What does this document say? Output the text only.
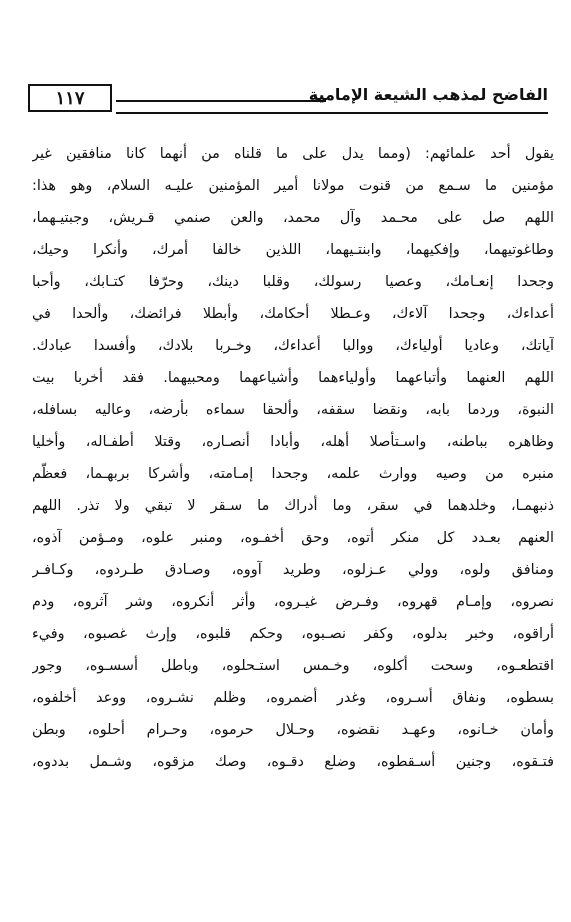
١١٧	الفاضح لمذهب الشيعة الإمامية
يقول أحد علمائهم: (ومما يدل على ما قلناه من أنهما كانا منافقين غير
مؤمنين ما سـمع من قنوت مولانا أمير المؤمنين عليـه السلام، وهو هذا:
اللهم صل على محـمد وآل محمد، والعن صنمي قـريش، وجبتيـهما،
وطاغوتيهما، وإفكيهما، وابنتـيهما، اللذين خالفا أمرك، وأنكرا وحيك،
وجحدا إنعـامك، وعصيا رسولك، وقلبا دينك، وحرّفا كتـابك، وأحبا
أعداءك، وجحدا آلاءك، وعـطلا أحكامك، وأبطلا فرائضك، وألحدا في
آياتك، وعاديا أولياءك، ووالبا أعداءك، وخـربا بلادك، وأفسدا عبادك.
اللهم العنهما وأتباعهما وأولياءهما وأشياعهما ومحبيهما. فقد أخربا بيت
النبوة، وردما بابه، ونقضا سقفه، وألحقا سماءه بأرضه، وعاليه بسافله،
وظاهره بباطنه، واسـتأصلا أهله، وأبادا أنصـاره، وقتلا أطفـاله، وأخليا
منبره من وصيه ووارث علمه، وجحدا إمـامته، وأشركا بربهـما، فعظّم
ذنبهمـا، وخلدهما في سقر، وما أدراك ما سـقر لا تبقي ولا تذر. اللهم
العنهم بعـدد كل منكر أتوه، وحق أخفـوه، ومنبر علوه، ومـؤمن آذوه،
ومنافق ولوه، وولي عـزلوه، وطريد آووه، وصـادق طـردوه، وكـافـر
نصروه، وإمـام قهروه، وفـرض غيـروه، وأثر أنكروه، وشر آثروه، ودم
أراقوه، وخبر بدلوه، وكفر نصـبوه، وحكم قلبوه، وإرث غصبوه، وفيء
اقتطعـوه، وسحت أكلوه، وخـمس استـحلوه، وباطل أسسـوه، وجور
بسطوه، ونفاق أسـروه، وغدر أضمروه، وظلم نشـروه، ووعد أخلفوه،
وأمان خـانوه، وعهـد نقضوه، وحـلال حرموه، وحـرام أحلوه، وبطن
فتـقوه، وجنين أسـقطوه، وضلع دقـوه، وصك مزقوه، وشـمل بددوه،
